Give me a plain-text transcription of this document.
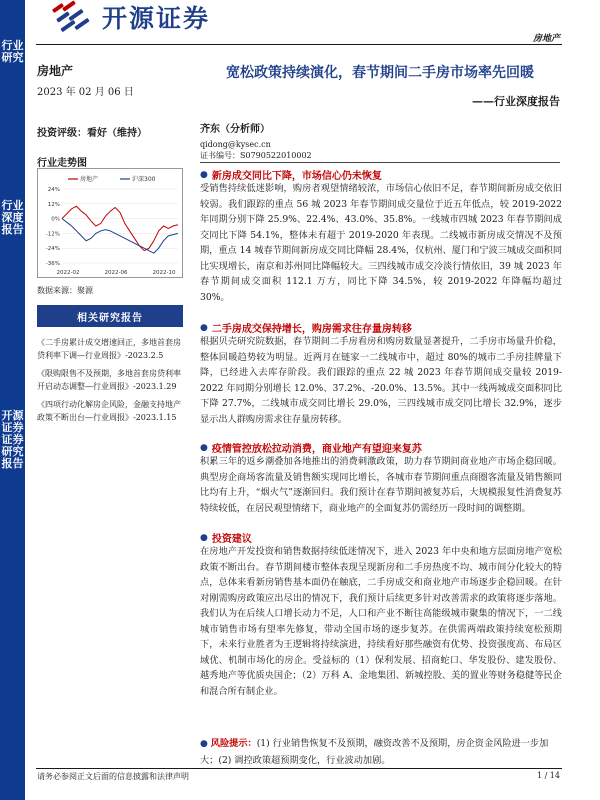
行业研究
行业深度报告
开源证券 证券研究报告
开源证券
房地产
房地产
2023 年 02 月 06 日
投资评级：看好（维持）
行业走势图
24%
12%
0%
-12%
-24%
-36%
2022-02	2022-06	2022-10
房地产	沪深300
数据来源：聚源
相关研究报告
《二手房累计成交增速回正，多地首套房贷利率下调—行业周报》-2023.2.5
《限购限售不及预期，多地首套房贷利率开启动态调整—行业周报》-2023.1.29
《四项行动化解房企风险，金融支持地产政策不断出台—行业周报》-2023.1.15
宽松政策持续演化，春节期间二手房市场率先回暖
——行业深度报告
齐东（分析师）
qidong@kysec.cn
证书编号：S0790522010002
● 新房成交同比下降，市场信心仍未恢复
受销售持续低迷影响，购房者观望情绪较浓，市场信心依旧不足，春节期间新房成交依旧较弱。我们跟踪的重点 56 城 2023 年春节期间成交量位于近五年低点，较 2019-2022 年同期分别下降 25.9%、22.4%、43.0%、35.8%。一线城市四城 2023 年春节期间成交同比下降 54.1%，整体未有超于 2019-2020 年表现。二线城市新房成交情况不及预期，重点 14 城春节期间新房成交同比降幅 28.4%，仅杭州、厦门和宁波三城成交面积同比实现增长，南京和苏州同比降幅较大。三四线城市成交冷淡行情依旧，39 城 2023 年春节期间成交面积 112.1 万方，同比下降 34.5%，较 2019-2022 年降幅均超过 30%。
● 二手房成交保持增长，购房需求往存量房转移
根据贝壳研究院数据，春节期间二手房看房和购房数量显著提升，二手房市场量升价稳，整体回暖趋势较为明显。近两月在链家一二线城市中，超过 80%的城市二手房挂牌量下降，已经进入去库存阶段。我们跟踪的重点 22 城 2023 年春节期间成交量较 2019-2022 年同期分别增长 12.0%、37.2%、-20.0%、13.5%。其中一线两城成交面积同比下降 27.7%，二线城市成交同比增长 29.0%，三四线城市成交同比增长 32.9%，逐步显示出人群购房需求往存量房转移。
● 疫情管控放松拉动消费，商业地产有望迎来复苏
积累三年的返乡潮叠加各地推出的消费刺激政策，助力春节期间商业地产市场企稳回暖。典型房企商场客流量及销售额实现同比增长，各城市春节期间重点商圈客流量及销售额同比均有上升，“烟火气”逐渐回归。我们预计在春节期间被复苏后，大规模报复性消费复苏特续较低，在居民观望情绪下，商业地产的全面复苏仍需经历一段时间的调整期。
● 投资建议
在房地产开发投资和销售数据持续低迷情况下，进入 2023 年中央和地方层面房地产宽松政策不断出台。春节期间楼市整体表现呈现新房和二手房热度不均、城市间分化较大的特点，总体来看新房销售基本面仍在触底，二手房成交和商业地产市场逐步企稳回暖。在针对刚需购房政策应出尽出的情况下，我们预计后续更多针对改善需求的政策将逐步落地。我们认为在后续人口增长动力不足，人口和产业不断往高能级城市聚集的情况下，一二线城市销售市场有望率先修复，带动全国市场的逐步复苏。在供需两端政策持续宽松预期下，未来行业胜者为王逻辑将持续演进，持续看好那些融资有优势、投资强度高、布局区域优、机制市场化的房企。受益标的（1）保利发展、招商蛇口、华发股份、建发股份、越秀地产等优质央国企；（2）万科 A、金地集团、新城控股、美的置业等财务稳健等民企和混合所有制企业。
● 风险提示：(1) 行业销售恢复不及预期，融资改善不及预期，房企资金风险进一步加大；(2) 调控政策超预期变化，行业波动加剧。
请务必参阅正文后面的信息披露和法律声明	1 / 14
